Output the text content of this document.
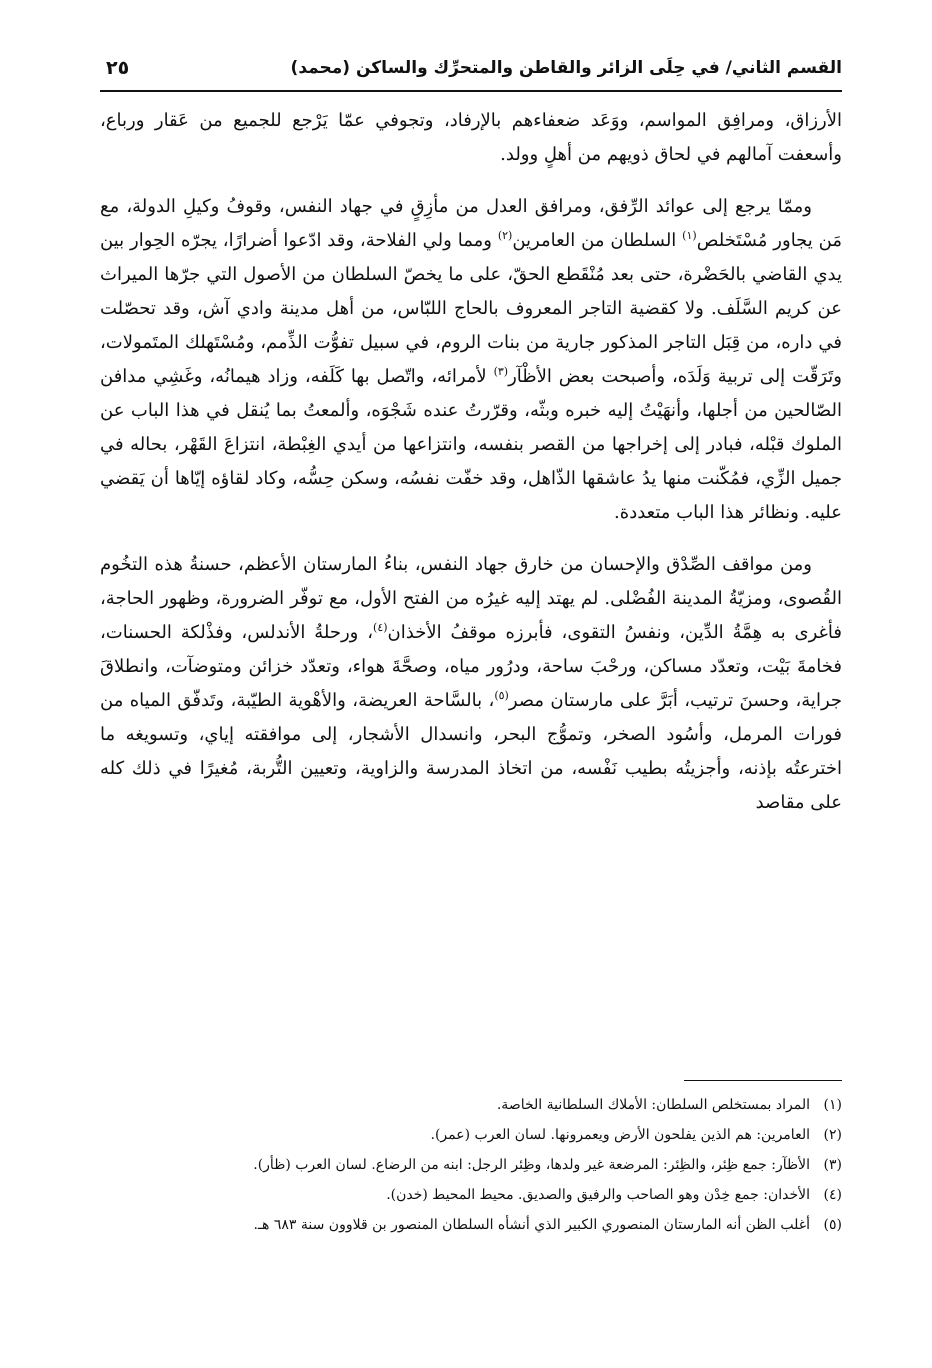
القسم الثاني/ في حِلَى الزائر والقاطن والمتحرِّك والساكن (محمد)
٢٥

الأرزاق، ومرافِق المواسم، ووَعَد ضعفاءهم بالإرفاد، وتجوفي عمّا يَرْجع للجميع من عَقار ورباع، وأسعفت آمالهم في لحاق ذويهم من أهلٍ وولد.

وممّا يرجع إلى عوائد الرِّفق، ومرافق العدل من مأزِقٍ في جهاد النفس، وقوفُ وكيلِ الدولة، مع مَن يجاور مُسْتَخلص$^{(١)}$ السلطان من العامرين$^{(٢)}$ ومما ولي الفلاحة، وقد ادّعوا أضرارًا، يجرّه الحِوار بين يدي القاضي بالحَضْرة، حتى بعد مُنْقَطع الحقّ، على ما يخصّ السلطان من الأصول التي جرّها الميراث عن كريم السَّلَف. ولا كقضية التاجر المعروف بالحاج اللبّاس، من أهل مدينة وادي آش، وقد تحصّلت في داره، من قِبَل التاجر المذكور جارية من بنات الروم، في سبيل تفوُّت الذِّمم، ومُسْتَهلك المتَمولات، وتَرَقّت إلى تربية وَلَدَه، وأصبحت بعض الأظْآر$^{(٣)}$ لأمرائه، واتّصل بها كَلَفه، وزاد هيمانُه، وغَشِي مدافن الصّالحين من أجلها، وأنهَيْتُ إليه خبره وبثّه، وقرّرتُ عنده شَجْوَه، وألمعتُ بما يُنقل في هذا الباب عن الملوك قبْله، فبادر إلى إخراجها من القصر بنفسه، وانتزاعها من أيدي الغِبْطة، انتزاعَ القَهْر، بحاله في جميل الزِّي، فمُكّنت منها يدُ عاشقها الذّاهل، وقد خفّت نفسُه، وسكن حِسُّه، وكاد لقاؤه إيّاها أن يَقضي عليه. ونظائر هذا الباب متعددة.

ومن مواقف الصِّدْق والإحسان من خارق جهاد النفس، بناءُ المارستان الأعظم، حسنةُ هذه التخُوم القُصوى، ومزيّةُ المدينة الفُضْلى. لم يهتد إليه غيرُه من الفتح الأول، مع توفّر الضرورة، وظهور الحاجة، فأغرى به هِمَّةُ الدِّين، ونفسُ التقوى، فأبرزه موقفُ الأخذان$^{(٤)}$، ورحلةُ الأندلس، وفذْلكة الحسنات، فخامةَ بَيْت، وتعدّد مساكن، ورحْبَ ساحة، ودرُور مياه، وصحَّةَ هواء، وتعدّد خزائن ومتوضآت، وانطلاقَ جراية، وحسنَ ترتيب، أبَرَّ على مارستان مصر$^{(٥)}$، بالسَّاحة العريضة، والأهْوية الطيّبة، وتَدفّق المياه من فورات المرمل، وأسُود الصخر، وتموُّج البحر، وانسدال الأشجار، إلى موافقته إياي، وتسويغه ما اخترعتُه بإذنه، وأجزيتُه بطيب نَفْسه، من اتخاذ المدرسة والزاوية، وتعيين التُّربة، مُغيرًا في ذلك كله على مقاصد

(١)
المراد بمستخلص السلطان: الأملاك السلطانية الخاصة.
(٢)
العامرين: هم الذين يفلحون الأرض ويعمرونها. لسان العرب (عمر).
(٣)
الأظآر: جمع ظِئر، والظِئر: المرضعة غير ولدها، وظِئر الرجل: ابنه من الرضاع. لسان العرب (ظأر).
(٤)
الأخدان: جمع خِدْن وهو الصاحب والرفيق والصديق. محيط المحيط (خدن).
(٥)
أغلب الظن أنه المارستان المنصوري الكبير الذي أنشأه السلطان المنصور بن قلاوون سنة ٦٨٣ هـ.
